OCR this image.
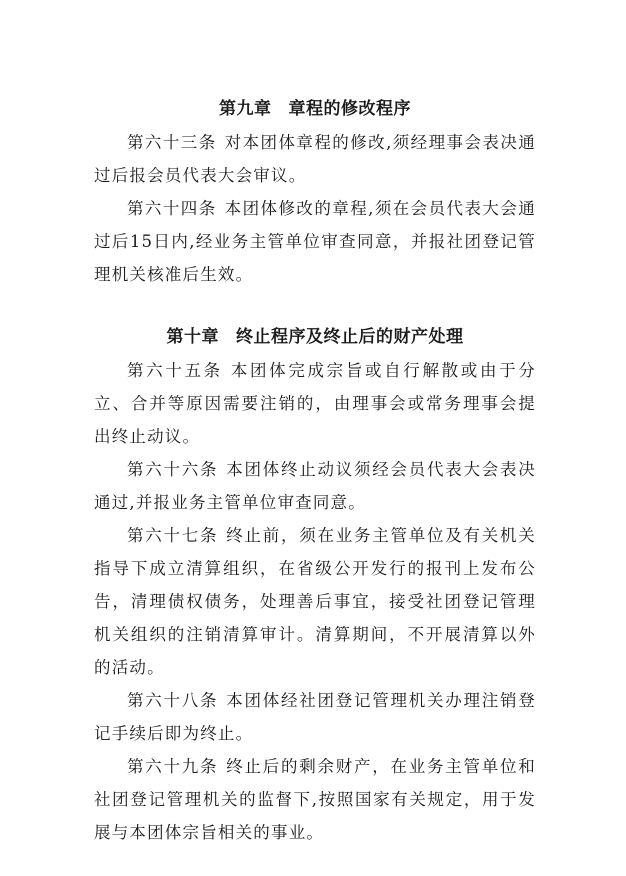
第九章 章程的修改程序

第六十三条 对本团体章程的修改,须经理事会表决通过后报会员代表大会审议。

第六十四条 本团体修改的章程,须在会员代表大会通过后15日内,经业务主管单位审查同意，并报社团登记管理机关核准后生效。

第十章 终止程序及终止后的财产处理

第六十五条 本团体完成宗旨或自行解散或由于分立、合并等原因需要注销的，由理事会或常务理事会提出终止动议。

第六十六条 本团体终止动议须经会员代表大会表决通过,并报业务主管单位审查同意。

第六十七条 终止前，须在业务主管单位及有关机关指导下成立清算组织，在省级公开发行的报刊上发布公告，清理债权债务，处理善后事宜，接受社团登记管理机关组织的注销清算审计。清算期间，不开展清算以外的活动。

第六十八条 本团体经社团登记管理机关办理注销登记手续后即为终止。

第六十九条 终止后的剩余财产，在业务主管单位和社团登记管理机关的监督下,按照国家有关规定，用于发展与本团体宗旨相关的事业。
